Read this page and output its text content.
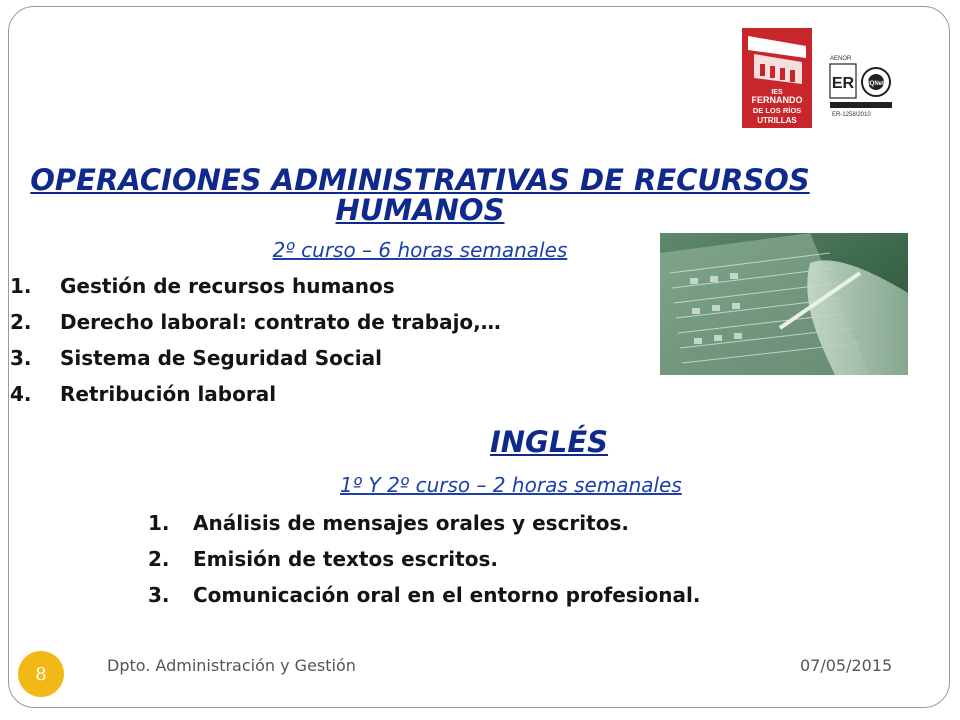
IES
FERNANDO
DE LOS RÍOS
UTRILLAS
AENOR
ER IQNet
ER-1258/2010
OPERACIONES ADMINISTRATIVAS DE RECURSOS HUMANOS
2º curso – 6 horas semanales
1. Gestión de recursos humanos
2. Derecho laboral: contrato de trabajo,…
3. Sistema de Seguridad Social
4. Retribución laboral
INGLÉS
1º Y 2º curso – 2 horas semanales
1. Análisis de mensajes orales y escritos.
2. Emisión de textos escritos.
3. Comunicación oral en el entorno profesional.
8	Dpto. Administración y Gestión	07/05/2015
